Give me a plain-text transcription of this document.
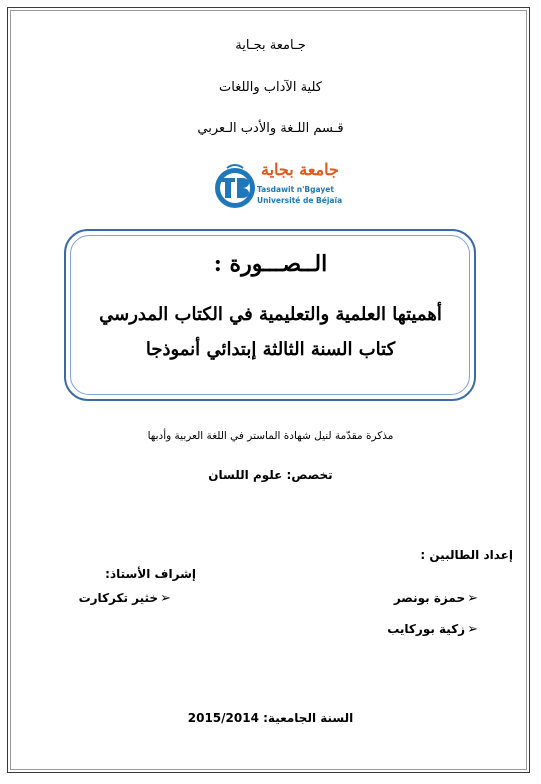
جـامعة بجـاية
كلية الآداب واللغات
قـسم اللـغة والأدب الـعربي
جامعة بجاية
Tasdawit n'Bgayet
Université de Béjaïa
الــصـــورة :
أهميتها العلمية والتعليمية في الكتاب المدرسي
كتاب السنة الثالثة إبتدائي أنموذجا
مذكرة مقدّمة لنيل شهادة الماستر في اللغة العربية وأدبها
تخصص: علوم اللسان
إعداد الطالبين :
➢حمزة بونصر
➢زكية بوركايب
إشراف الأستاذ:
➢خثير تكركارت
السنة الجامعية: 2015/2014
